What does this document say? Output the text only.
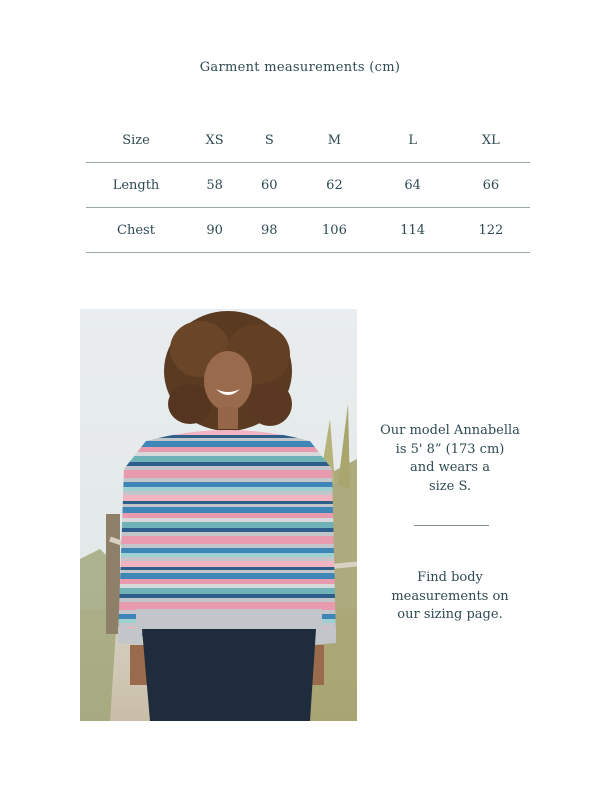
Garment measurements (cm)
Size	XS	S	M	L	XL
Length	58	60	62	64	66
Chest	90	98	106	114	122

Our model Annabella

is 5' 8” (173 cm)

and wears a

size S.

Find body

measurements on

our sizing page.
